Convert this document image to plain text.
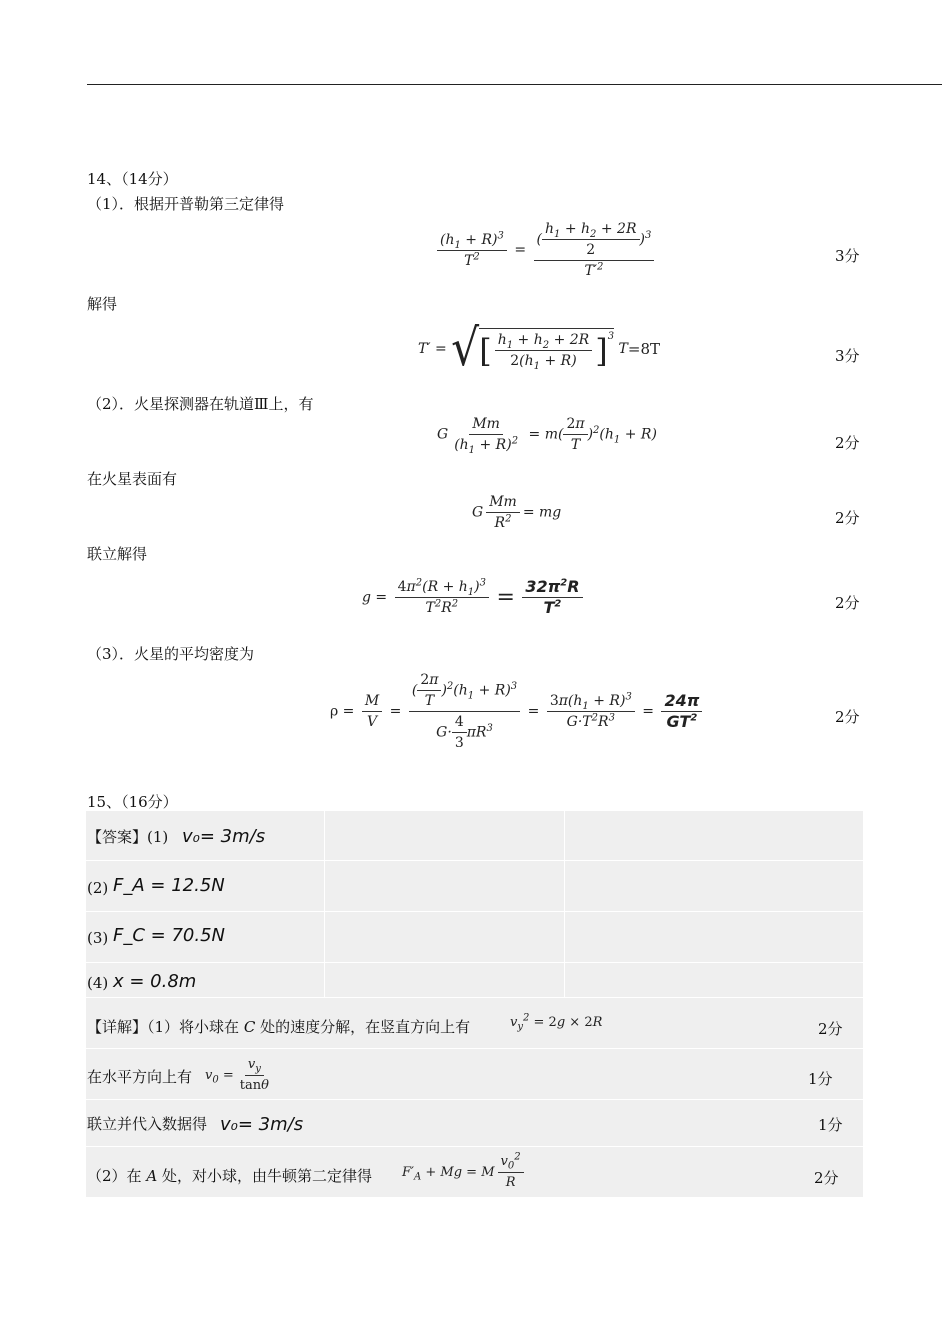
14、（14分）
（1）．根据开普勒第三定律得
$\frac{(h_1 + R)^3}{T^2} = \frac{( \frac{h_1 + h_2 + 2R}{2} )^3}{T'^2}$	3分
解得
T′ = √ [ $\frac{h_1 + h_2 + 2R}{2(h_1 + R)}$ ] 3
T=8T	3分
（2）．火星探测器在轨道Ⅲ上，有
G $\frac{Mm}{(h_1 + R)^2} = m( \frac{2\pi}{T} )^2(h_1 + R)$	2分
在火星表面有
G $\frac{Mm}{R^2}$ = mg	2分
联立解得
$g = \frac{4\pi^2(R + h_1)^3}{T^2R^2} = \frac{32\pi^2R}{T^2}$	2分
（3）．火星的平均密度为
$\rho = \frac{M}{V} = \frac{( \frac{2\pi}{T} )^2(h_1 + R)^3}{G\cdot \frac{4}{3} \pi R^3} = \frac{3\pi(h_1 + R)^3}{G\cdot T^2R^3} = \frac{24\pi}{GT^2}$	2分
15、（16分）
【答案】(1) v₀= 3m/s
(2) F_A = 12.5N
(3) F_C = 70.5N
(4) x = 0.8m
【详解】（1）将小球在 C 处的速度分解，在竖直方向上有	$v_y^2 = 2g \times 2R$	2分
在水平方向上有 $v_0 = \frac{v_y}{\tan\theta}$	1分
联立并代入数据得 v₀= 3m/s	1分
（2）在 A 处，对小球，由牛顿第二定律得 $F'_A + Mg = M \frac{v_0^2}{R}$	2分
